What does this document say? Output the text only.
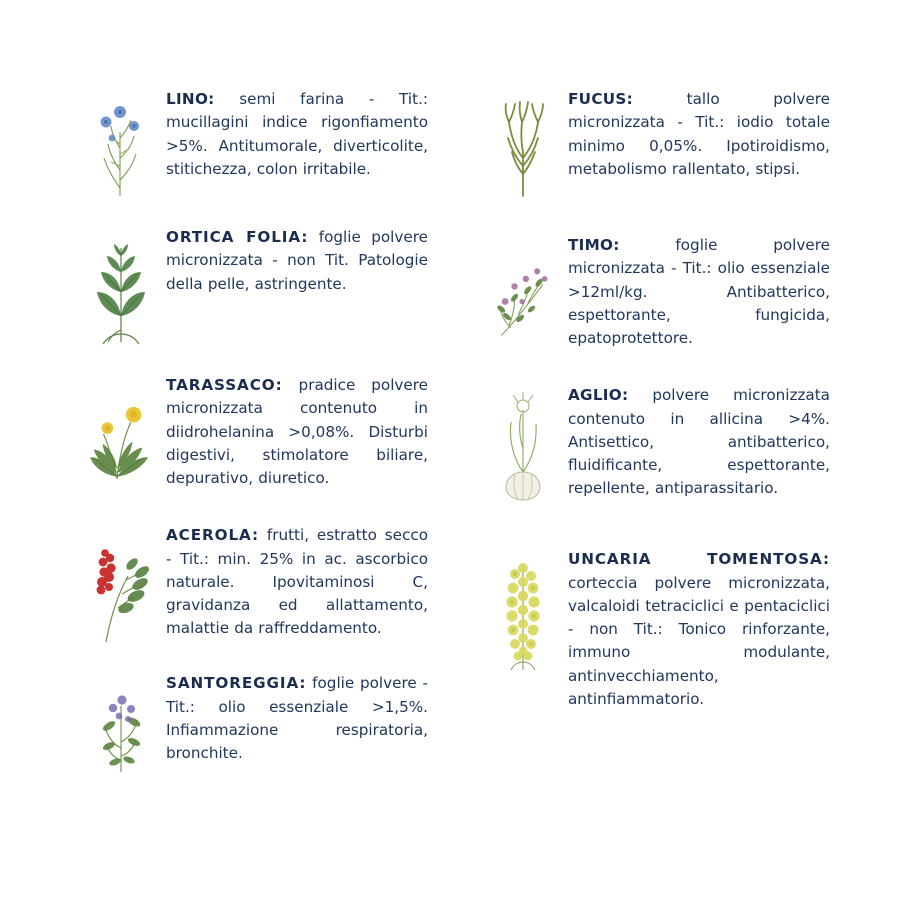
LINO: semi farina - Tit.: mucillagini indice rigonfiamento >5%. Antitumorale, diverticolite, stitichezza, colon irritabile.
ORTICA FOLIA: foglie polvere micronizzata - non Tit. Patologie della pelle, astringente.
TARASSACO: pradice polvere micronizzata contenuto in diidrohelanina >0,08%. Disturbi digestivi, stimolatore biliare, depurativo, diuretico.
ACEROLA: frutti, estratto secco - Tit.: min. 25% in ac. ascorbico naturale. Ipovitaminosi C, gravidanza ed allattamento, malattie da raffreddamento.
SANTOREGGIA: foglie polvere - Tit.: olio essenziale >1,5%. Infiammazione respiratoria, bronchite.
FUCUS: tallo polvere micronizzata - Tit.: iodio totale minimo 0,05%. Ipotiroidismo, metabolismo rallentato, stipsi.
TIMO: foglie polvere micronizzata - Tit.: olio essenziale >12ml/kg. Antibatterico, espettorante, fungicida, epatoprotettore.
AGLIO: polvere micronizzata contenuto in allicina >4%. Antisettico, antibatterico, fluidificante, espettorante, repellente, antiparassitario.
UNCARIA TOMENTOSA: corteccia polvere micronizzata, valcaloidi tetraciclici e pentaciclici - non Tit.: Tonico rinforzante, immuno modulante, antinvecchiamento, antinfiammatorio.
